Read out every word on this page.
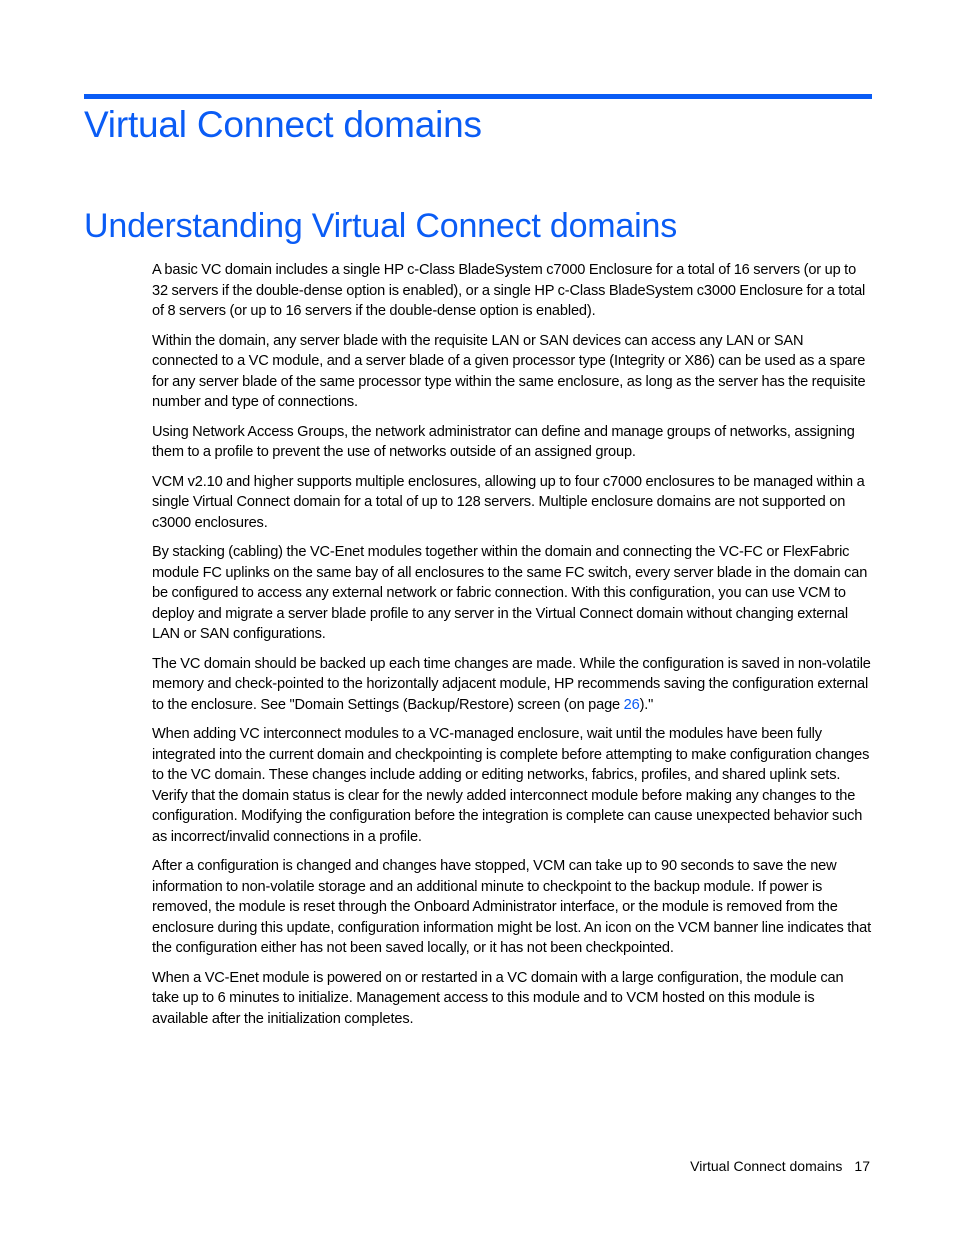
Virtual Connect domains
Understanding Virtual Connect domains

A basic VC domain includes a single HP c-Class BladeSystem c7000 Enclosure for a total of 16 servers (or up to 32 servers if the double-dense option is enabled), or a single HP c-Class BladeSystem c3000 Enclosure for a total of 8 servers (or up to 16 servers if the double-dense option is enabled).

Within the domain, any server blade with the requisite LAN or SAN devices can access any LAN or SAN connected to a VC module, and a server blade of a given processor type (Integrity or X86) can be used as a spare for any server blade of the same processor type within the same enclosure, as long as the server has the requisite number and type of connections.

Using Network Access Groups, the network administrator can define and manage groups of networks, assigning them to a profile to prevent the use of networks outside of an assigned group.

VCM v2.10 and higher supports multiple enclosures, allowing up to four c7000 enclosures to be managed within a single Virtual Connect domain for a total of up to 128 servers. Multiple enclosure domains are not supported on c3000 enclosures.

By stacking (cabling) the VC-Enet modules together within the domain and connecting the VC-FC or FlexFabric module FC uplinks on the same bay of all enclosures to the same FC switch, every server blade in the domain can be configured to access any external network or fabric connection. With this configuration, you can use VCM to deploy and migrate a server blade profile to any server in the Virtual Connect domain without changing external LAN or SAN configurations.

The VC domain should be backed up each time changes are made. While the configuration is saved in non-volatile memory and check-pointed to the horizontally adjacent module, HP recommends saving the configuration external to the enclosure. See "Domain Settings (Backup/Restore) screen (on page 26)."

When adding VC interconnect modules to a VC-managed enclosure, wait until the modules have been fully integrated into the current domain and checkpointing is complete before attempting to make configuration changes to the VC domain. These changes include adding or editing networks, fabrics, profiles, and shared uplink sets. Verify that the domain status is clear for the newly added interconnect module before making any changes to the configuration. Modifying the configuration before the integration is complete can cause unexpected behavior such as incorrect/invalid connections in a profile.

After a configuration is changed and changes have stopped, VCM can take up to 90 seconds to save the new information to non-volatile storage and an additional minute to checkpoint to the backup module. If power is removed, the module is reset through the Onboard Administrator interface, or the module is removed from the enclosure during this update, configuration information might be lost. An icon on the VCM banner line indicates that the configuration either has not been saved locally, or it has not been checkpointed.

When a VC-Enet module is powered on or restarted in a VC domain with a large configuration, the module can take up to 6 minutes to initialize. Management access to this module and to VCM hosted on this module is available after the initialization completes.

Virtual Connect domains 17
